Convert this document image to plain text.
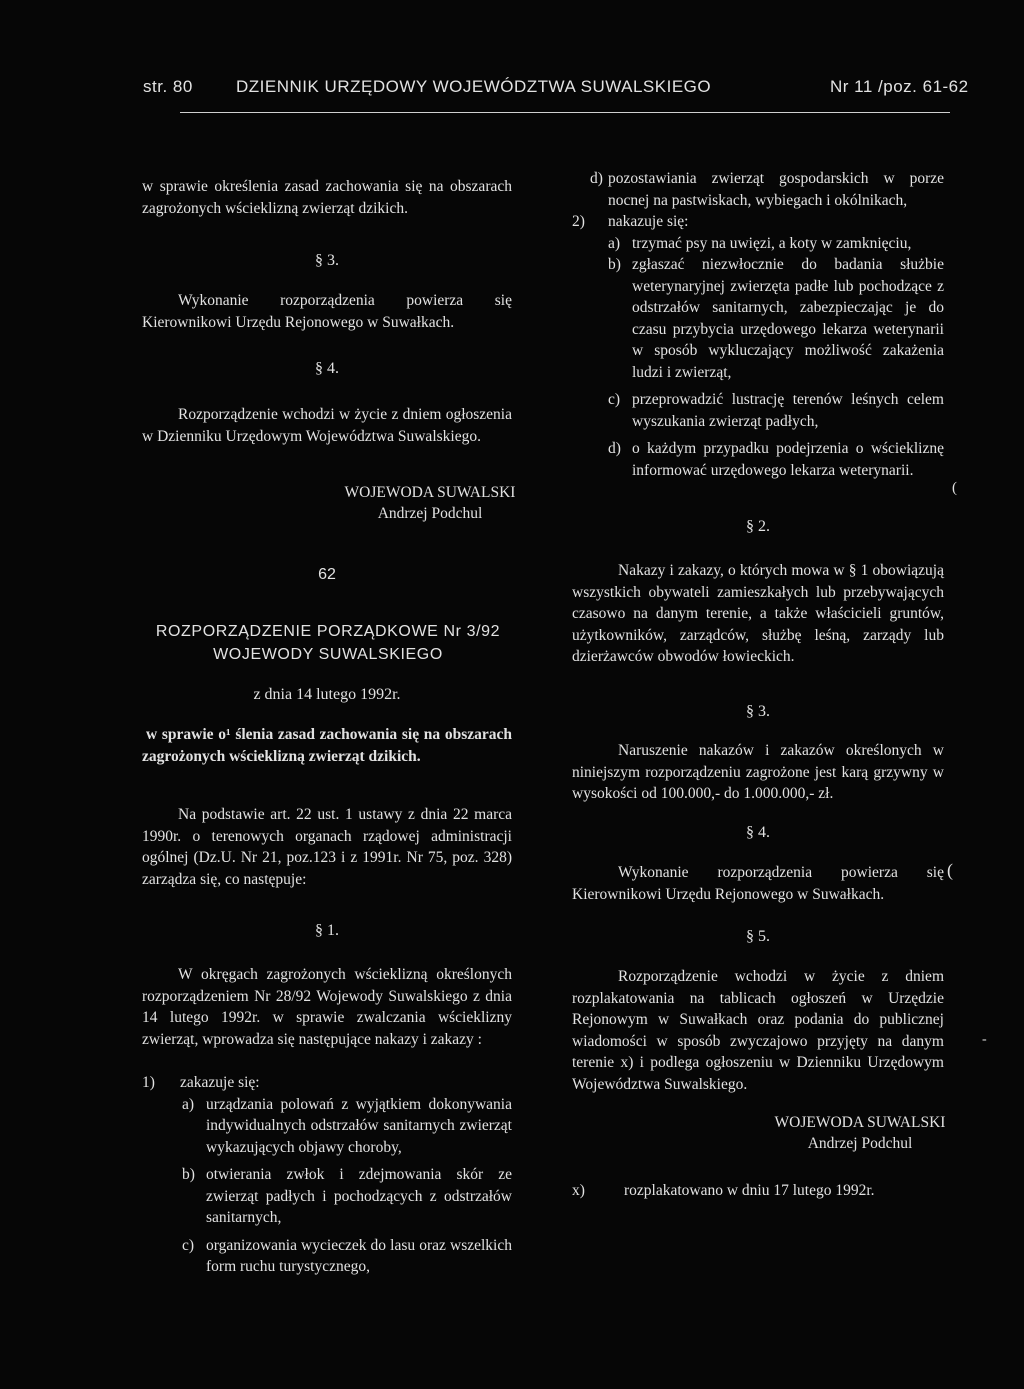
str. 80	DZIENNIK URZĘDOWY WOJEWÓDZTWA SUWALSKIEGO	Nr 11 /poz. 61-62

w sprawie określenia zasad zachowania się na obszarach zagrożonych wścieklizną zwierząt dzikich.

§ 3.

Wykonanie rozporządzenia powierza się Kierownikowi Urzędu Rejonowego w Suwałkach.

§ 4.

Rozporządzenie wchodzi w życie z dniem ogłoszenia w Dzienniku Urzędowym Województwa Suwalskiego.

WOJEWODA SUWALSKI
Andrzej Podchul

62

ROZPORZĄDZENIE PORZĄDKOWE Nr 3/92
WOJEWODY SUWALSKIEGO

z dnia 14 lutego 1992r.

w sprawie o¹ ślenia zasad zachowania się na obszarach zagrożonych wścieklizną zwierząt dzikich.

Na podstawie art. 22 ust. 1 ustawy z dnia 22 marca 1990r. o terenowych organach rządowej administracji ogólnej (Dz.U. Nr 21, poz.123 i z 1991r. Nr 75, poz. 328) zarządza się, co następuje:

§ 1.

W okręgach zagrożonych wścieklizną określonych rozporządzeniem Nr 28/92 Wojewody Suwalskiego z dnia 14 lutego 1992r. w sprawie zwalczania wścieklizny zwierząt, wprowadza się następujące nakazy i zakazy :

1) zakazuje się:
a) urządzania polowań z wyjątkiem dokonywania indywidualnych odstrzałów sanitarnych zwierząt wykazujących objawy choroby,
b) otwierania zwłok i zdejmowania skór ze zwierząt padłych i pochodzących z odstrzałów sanitarnych,
c) organizowania wycieczek do lasu oraz wszelkich form ruchu turystycznego,
d) pozostawiania zwierząt gospodarskich w porze nocnej na pastwiskach, wybiegach i okólnikach,
2) nakazuje się:
a) trzymać psy na uwięzi, a koty w zamknięciu,
b) zgłaszać niezwłocznie do badania służbie weterynaryjnej zwierzęta padłe lub pochodzące z odstrzałów sanitarnych, zabezpieczając je do czasu przybycia urzędowego lekarza weterynarii w sposób wykluczający możliwość zakażenia ludzi i zwierząt,
c) przeprowadzić lustrację terenów leśnych celem wyszukania zwierząt padłych,
d) o każdym przypadku podejrzenia o wściekliznę informować urzędowego lekarza weterynarii.
(

§ 2.

Nakazy i zakazy, o których mowa w § 1 obowiązują wszystkich obywateli zamieszkałych lub przebywających czasowo na danym terenie, a także właścicieli gruntów, użytkowników, zarządców, służbę leśną, zarządy lub dzierżawców obwodów łowieckich.

§ 3.

Naruszenie nakazów i zakazów określonych w niniejszym rozporządzeniu zagrożone jest karą grzywny w wysokości od 100.000,- do 1.000.000,- zł.

§ 4.

Wykonanie rozporządzenia powierza się Kierownikowi Urzędu Rejonowego w Suwałkach.

(

§ 5.

Rozporządzenie wchodzi w życie z dniem rozplakatowania na tablicach ogłoszeń w Urzędzie Rejonowym w Suwałkach oraz podania do publicznej wiadomości w sposób zwyczajowo przyjęty na danym terenie x) i podlega ogłoszeniu w Dzienniku Urzędowym Województwa Suwalskiego.

-
WOJEWODA SUWALSKI
Andrzej Podchul
x)	rozplakatowano w dniu 17 lutego 1992r.
